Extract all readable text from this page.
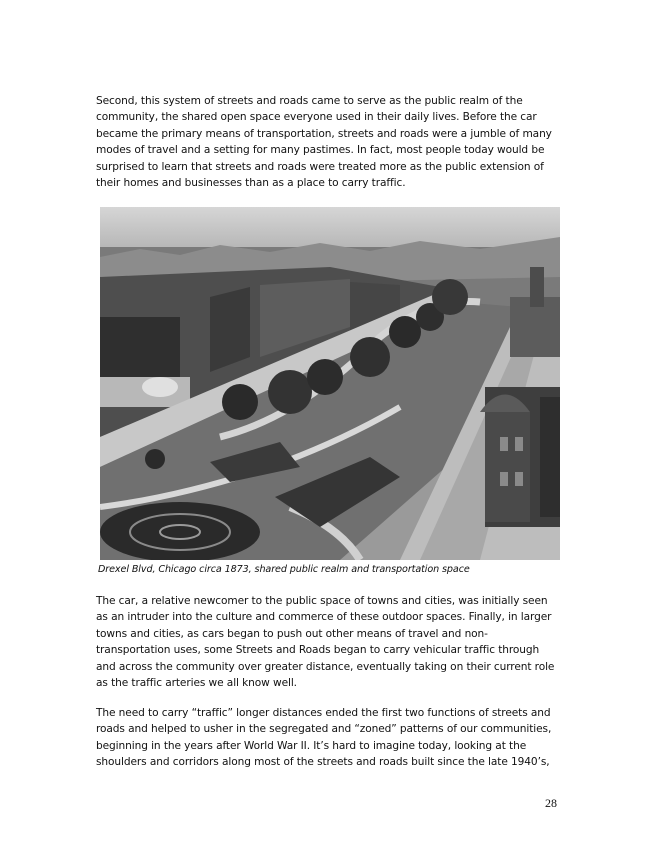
Second, this system of streets and roads came to serve as the public realm of the community, the shared open space everyone used in their daily lives. Before the car became the primary means of transportation, streets and roads were a jumble of many modes of travel and a setting for many pastimes. In fact, most people today would be surprised to learn that streets and roads were treated more as the public extension of their homes and businesses than as a place to carry traffic.

Drexel Blvd, Chicago circa 1873, shared public realm and transportation space

The car, a relative newcomer to the public space of towns and cities, was initially seen as an intruder into the culture and commerce of these outdoor spaces. Finally, in larger towns and cities, as cars began to push out other means of travel and non-transportation uses, some Streets and Roads began to carry vehicular traffic through and across the community over greater distance, eventually taking on their current role as the traffic arteries we all know well.

The need to carry “traffic” longer distances ended the first two functions of streets and roads and helped to usher in the segregated and “zoned” patterns of our communities, beginning in the years after World War II. It’s hard to imagine today, looking at the shoulders and corridors along most of the streets and roads built since the late 1940’s,

28
